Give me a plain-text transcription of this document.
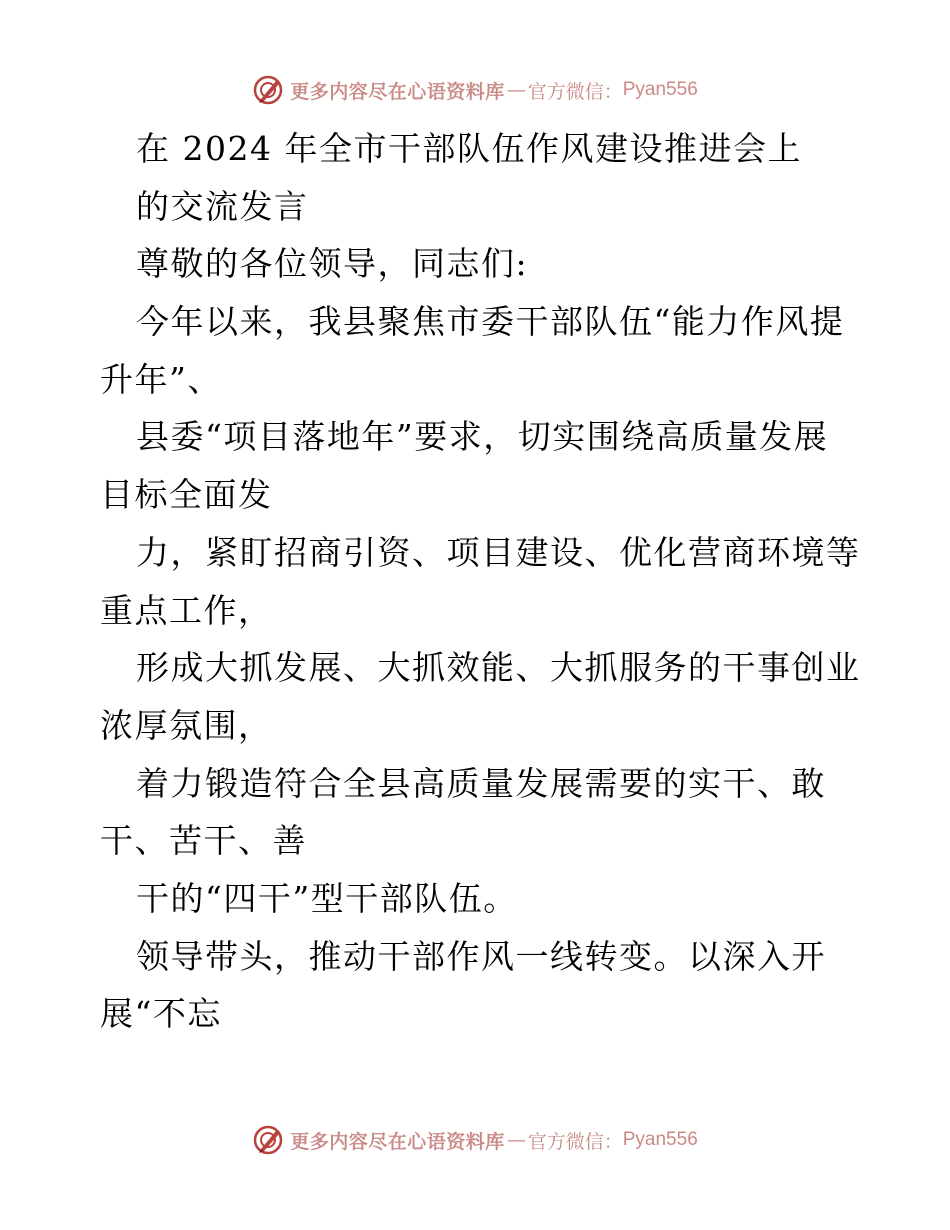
更多内容尽在心语资料库 — 官方微信： Pyan556
在 2024 年全市干部队伍作风建设推进会上
的交流发言
尊敬的各位领导，同志们:
今年以来，我县聚焦市委干部队伍“能力作风提
升年”、
县委“项目落地年”要求，切实围绕高质量发展
目标全面发
力，紧盯招商引资、项目建设、优化营商环境等
重点工作，
形成大抓发展、大抓效能、大抓服务的干事创业
浓厚氛围，
着力锻造符合全县高质量发展需要的实干、敢
干、苦干、善
干的“四干”型干部队伍。
领导带头，推动干部作风一线转变。以深入开
展“不忘
更多内容尽在心语资料库 — 官方微信： Pyan556
